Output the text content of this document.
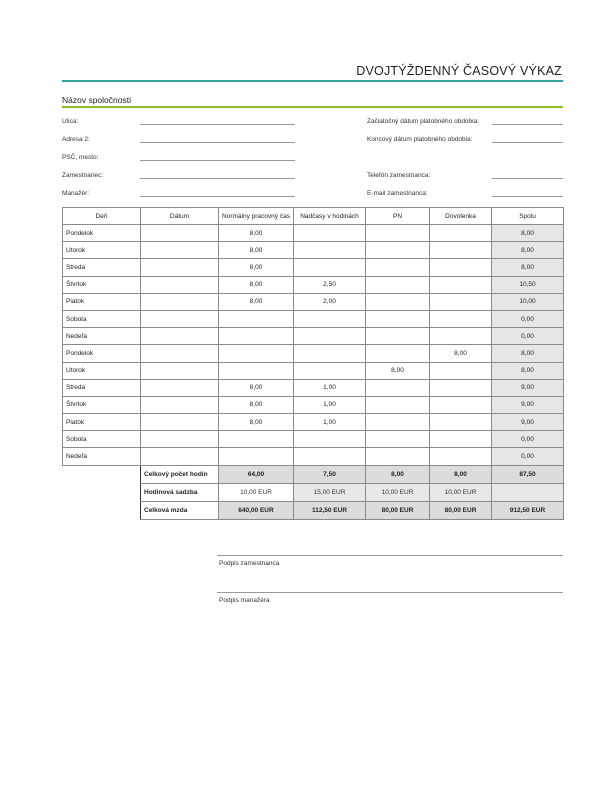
DVOJTÝŽDENNÝ ČASOVÝ VÝKAZ
Názov spoločnosti
Ulica:
Adresa 2:
PSČ, mesto:
Zamestnanec:
Manažér:
Začiatočný dátum platobného obdobia:
Koncový dátum platobného obdobia:
Telefón zamestnanca:
E-mail zamestnanca:
Deň	Dátum	Normálny pracovný čas	Nadčasy v hodinách	PN	Dovolenka	Spolu
Pondelok		8,00				8,00
Utorok		8,00				8,00
Streda		8,00				8,00
Štvrtok		8,00	2,50			10,50
Piatok		8,00	2,00			10,00
Sobota						0,00
Nedeľa						0,00
Pondelok					8,00	8,00
Utorok				8,00		8,00
Streda		8,00	1,00			9,00
Štvrtok		8,00	1,00			9,00
Piatok		8,00	1,00			9,00
Sobota						0,00
Nedeľa						0,00
	Celkový počet hodín	64,00	7,50	8,00	8,00	87,50
	Hodinová sadzba	10,00 EUR	15,00 EUR	10,00 EUR	10,00 EUR	
	Celková mzda	640,00 EUR	112,50 EUR	80,00 EUR	80,00 EUR	912,50 EUR
Podpis zamestnanca
Podpis manažéra
